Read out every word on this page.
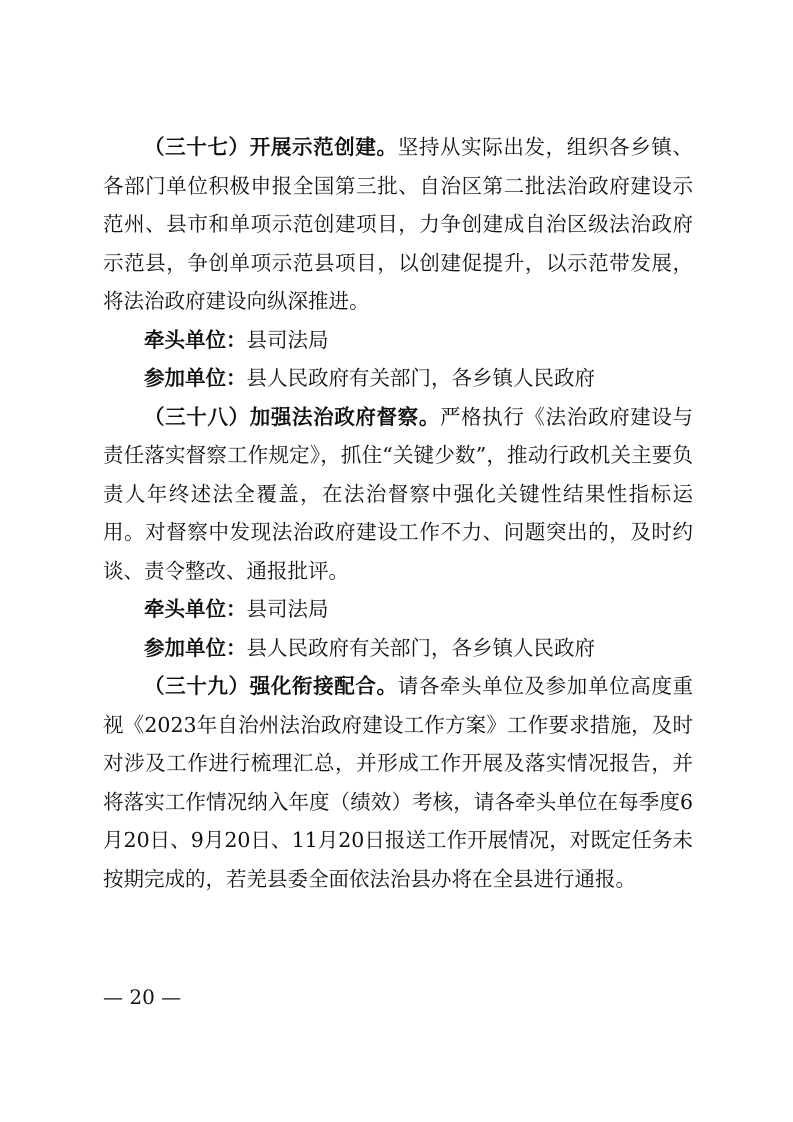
（三十七）开展示范创建。坚持从实际出发，组织各乡镇、各部门单位积极申报全国第三批、自治区第二批法治政府建设示范州、县市和单项示范创建项目，力争创建成自治区级法治政府示范县，争创单项示范县项目，以创建促提升，以示范带发展，将法治政府建设向纵深推进。

牵头单位：县司法局

参加单位：县人民政府有关部门，各乡镇人民政府

（三十八）加强法治政府督察。严格执行《法治政府建设与责任落实督察工作规定》，抓住“关键少数”，推动行政机关主要负责人年终述法全覆盖，在法治督察中强化关键性结果性指标运用。对督察中发现法治政府建设工作不力、问题突出的，及时约谈、责令整改、通报批评。

牵头单位：县司法局

参加单位：县人民政府有关部门，各乡镇人民政府

（三十九）强化衔接配合。请各牵头单位及参加单位高度重视《2023年自治州法治政府建设工作方案》工作要求措施，及时对涉及工作进行梳理汇总，并形成工作开展及落实情况报告，并将落实工作情况纳入年度（绩效）考核，请各牵头单位在每季度6月20日、9月20日、11月20日报送工作开展情况，对既定任务未按期完成的，若羌县委全面依法治县办将在全县进行通报。

— 20 —
